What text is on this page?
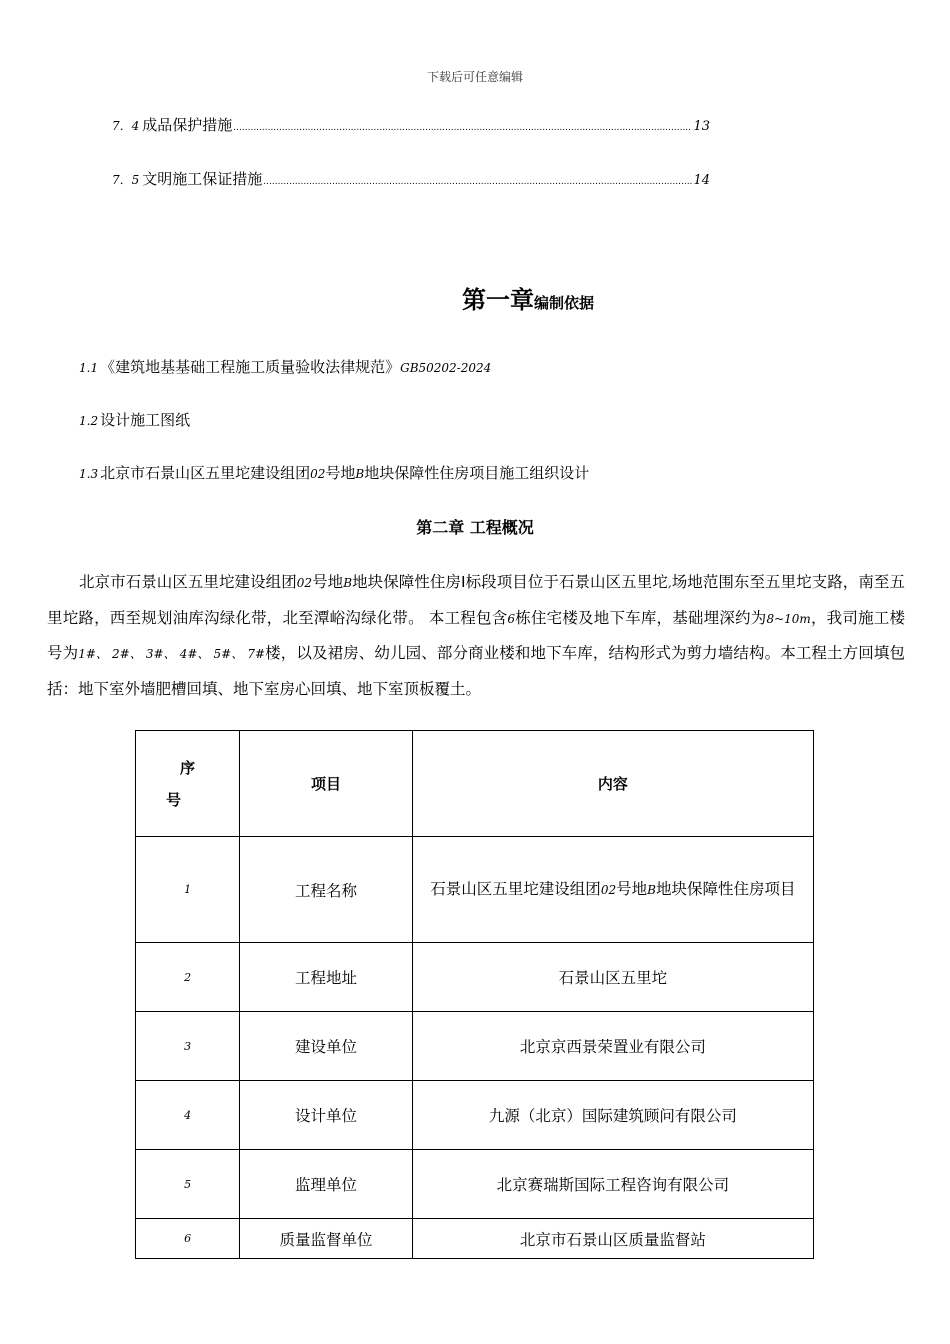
下载后可任意编辑
7．4 成品保护措施 .....	13
7．5 文明施工保证措施 .....	14
第一章编制依据
1.1 《建筑地基基础工程施工质量验收法律规范》GB50202-2024
1.2 设计施工图纸
1.3 北京市石景山区五里坨建设组团02号地B地块保障性住房项目施工组织设计
第二章 工程概况
北京市石景山区五里坨建设组团02号地B地块保障性住房Ⅰ标段项目位于石景山区五里坨,场地范围东至五里坨支路，南至五里坨路，西至规划油库沟绿化带，北至潭峪沟绿化带。 本工程包含6栋住宅楼及地下车库，基础埋深约为8~10m，我司施工楼号为1#、 2#、 3#、 4#、 5#、 7#楼，以及裙房、幼儿园、部分商业楼和地下车库，结构形式为剪力墙结构。本工程土方回填包括：地下室外墙肥槽回填、地下室房心回填、地下室顶板覆土。
序
号	项目	内容
1	工程名称	石景山区五里坨建设组团02号地B地块保障性住房项目
2	工程地址	石景山区五里坨
3	建设单位	北京京西景荣置业有限公司
4	设计单位	九源（北京）国际建筑顾问有限公司
5	监理单位	北京赛瑞斯国际工程咨询有限公司
6	质量监督单位	北京市石景山区质量监督站
